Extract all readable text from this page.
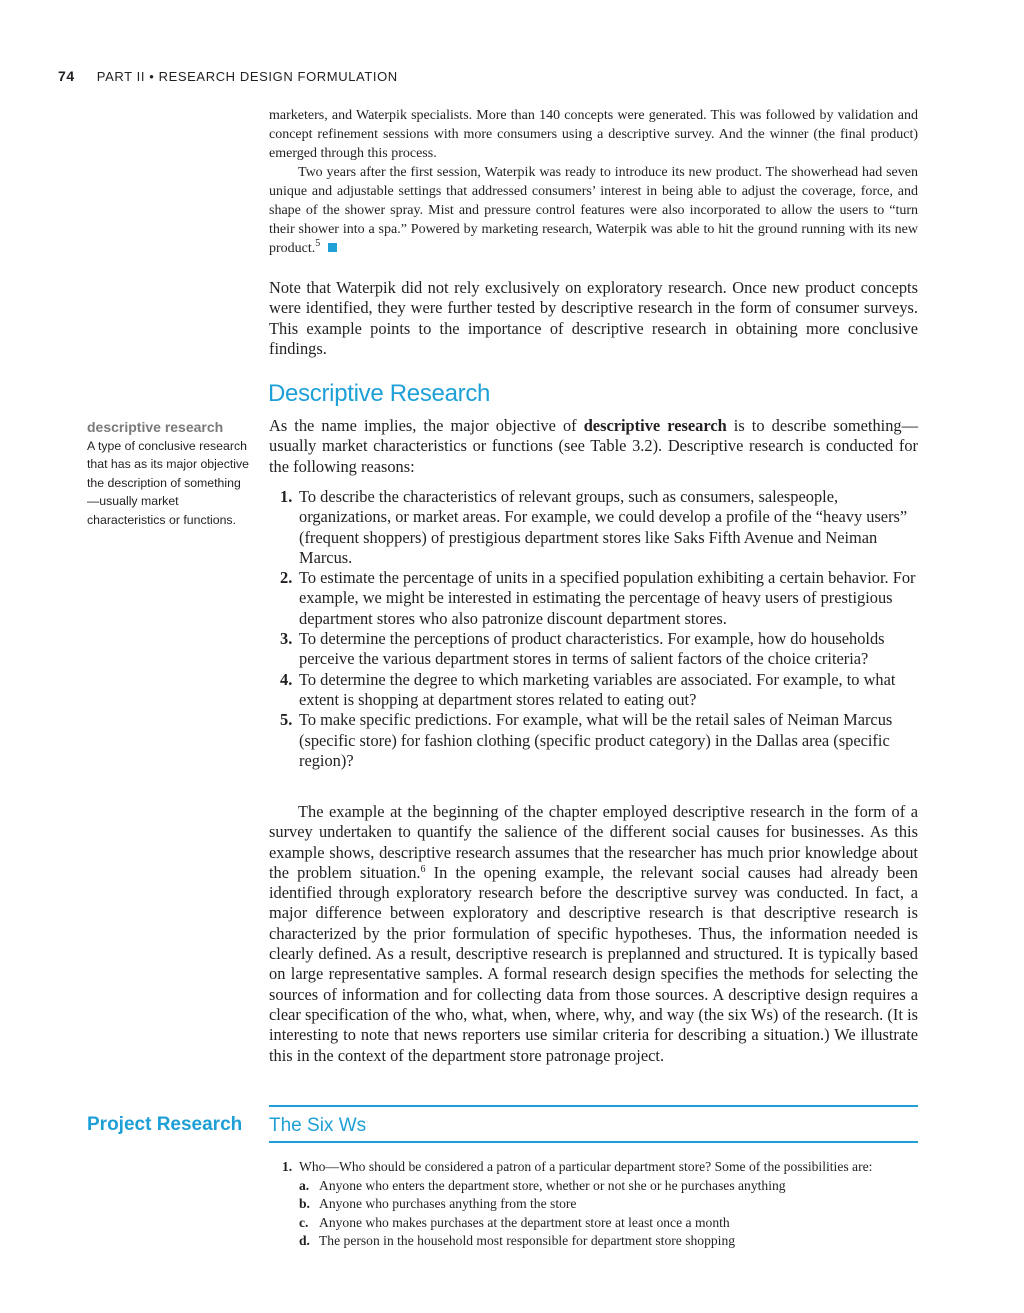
74 PART II • RESEARCH DESIGN FORMULATION

marketers, and Waterpik specialists. More than 140 concepts were generated. This was followed by validation and concept refinement sessions with more consumers using a descriptive survey. And the winner (the final product) emerged through this process.

Two years after the first session, Waterpik was ready to introduce its new product. The showerhead had seven unique and adjustable settings that addressed consumers’ interest in being able to adjust the coverage, force, and shape of the shower spray. Mist and pressure control features were also incorporated to allow the users to “turn their shower into a spa.” Powered by marketing research, Waterpik was able to hit the ground running with its new product.$^5$

Note that Waterpik did not rely exclusively on exploratory research. Once new product concepts were identified, they were further tested by descriptive research in the form of consumer surveys. This example points to the importance of descriptive research in obtaining more conclusive findings.

Descriptive Research
descriptive research
A type of conclusive research that has as its major objective the description of something—usually market characteristics or functions.

As the name implies, the major objective of descriptive research is to describe something—usually market characteristics or functions (see Table 3.2). Descriptive research is conducted for the following reasons:

1. To describe the characteristics of relevant groups, such as consumers, salespeople, organizations, or market areas. For example, we could develop a profile of the “heavy users” (frequent shoppers) of prestigious department stores like Saks Fifth Avenue and Neiman Marcus.
2. To estimate the percentage of units in a specified population exhibiting a certain behavior. For example, we might be interested in estimating the percentage of heavy users of prestigious department stores who also patronize discount department stores.
3. To determine the perceptions of product characteristics. For example, how do households perceive the various department stores in terms of salient factors of the choice criteria?
4. To determine the degree to which marketing variables are associated. For example, to what extent is shopping at department stores related to eating out?
5. To make specific predictions. For example, what will be the retail sales of Neiman Marcus (specific store) for fashion clothing (specific product category) in the Dallas area (specific region)?

The example at the beginning of the chapter employed descriptive research in the form of a survey undertaken to quantify the salience of the different social causes for businesses. As this example shows, descriptive research assumes that the researcher has much prior knowledge about the problem situation.$^6$ In the opening example, the relevant social causes had already been identified through exploratory research before the descriptive survey was conducted. In fact, a major difference between exploratory and descriptive research is that descriptive research is characterized by the prior formulation of specific hypotheses. Thus, the information needed is clearly defined. As a result, descriptive research is preplanned and structured. It is typically based on large representative samples. A formal research design specifies the methods for selecting the sources of information and for collecting data from those sources. A descriptive design requires a clear specification of the who, what, when, where, why, and way (the six Ws) of the research. (It is interesting to note that news reporters use similar criteria for describing a situation.) We illustrate this in the context of the department store patronage project.

Project Research The Six Ws
1. Who—Who should be considered a patron of a particular department store? Some of the possibilities are:
a. Anyone who enters the department store, whether or not she or he purchases anything
b. Anyone who purchases anything from the store
c. Anyone who makes purchases at the department store at least once a month
d. The person in the household most responsible for department store shopping
